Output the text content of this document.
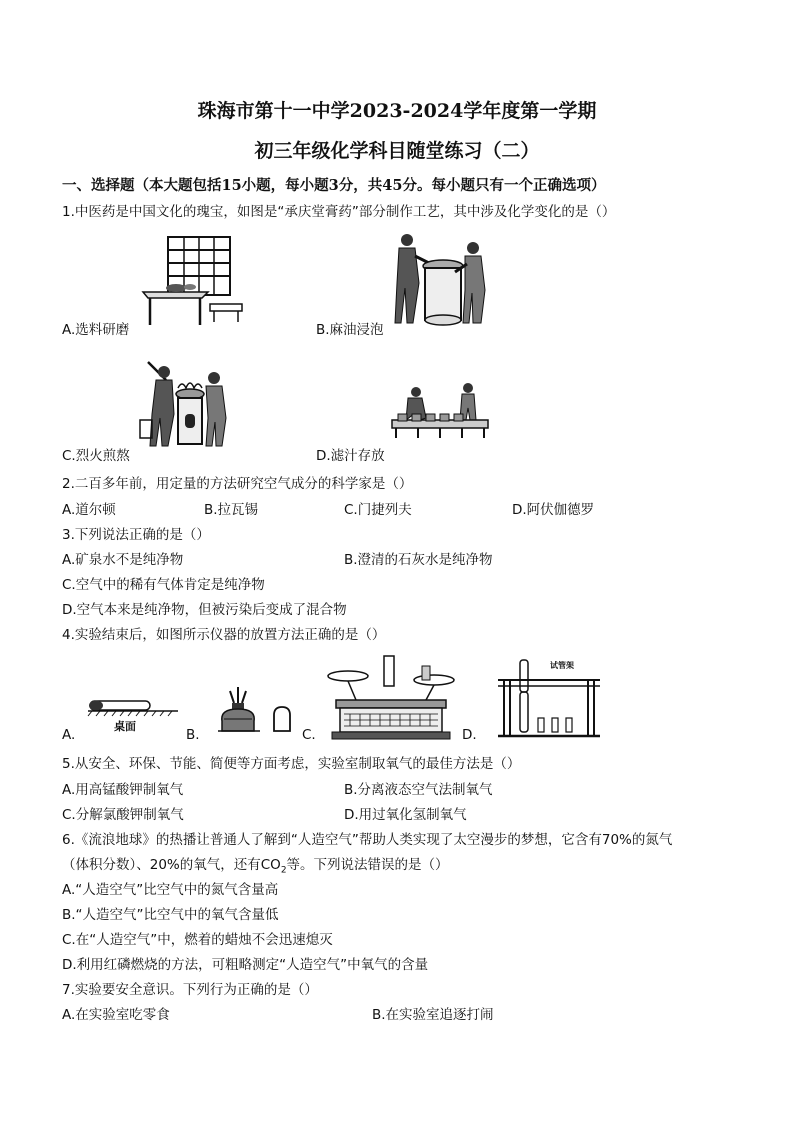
珠海市第十一中学2023-2024学年度第一学期
初三年级化学科目随堂练习（二）
一、选择题（本大题包括15小题，每小题3分，共45分。每小题只有一个正确选项）
1.中医药是中国文化的瑰宝，如图是“承庆堂膏药”部分制作工艺，其中涉及化学变化的是（）
A.选料研磨	B.麻油浸泡
C.烈火煎熬	D.滤汁存放
2.二百多年前，用定量的方法研究空气成分的科学家是（）
A.道尔顿	B.拉瓦锡	C.门捷列夫	D.阿伏伽德罗
3.下列说法正确的是（）
A.矿泉水不是纯净物	B.澄清的石灰水是纯净物
C.空气中的稀有气体肯定是纯净物
D.空气本来是纯净物，但被污染后变成了混合物
4.实验结束后，如图所示仪器的放置方法正确的是（）
桌面
A.	B.	C.	D.
试管架
5.从安全、环保、节能、简便等方面考虑，实验室制取氧气的最佳方法是（）
A.用高锰酸钾制氧气	B.分离液态空气法制氧气
C.分解氯酸钾制氧气	D.用过氧化氢制氧气
6.《流浪地球》的热播让普通人了解到“人造空气”帮助人类实现了太空漫步的梦想，它含有70%的氮气
（体积分数）、20%的氧气，还有$CO_2$等。下列说法错误的是（）
A.“人造空气”比空气中的氮气含量高
B.“人造空气”比空气中的氧气含量低
C.在“人造空气”中，燃着的蜡烛不会迅速熄灭
D.利用红磷燃烧的方法，可粗略测定“人造空气”中氧气的含量
7.实验要安全意识。下列行为正确的是（）
A.在实验室吃零食	B.在实验室追逐打闹
